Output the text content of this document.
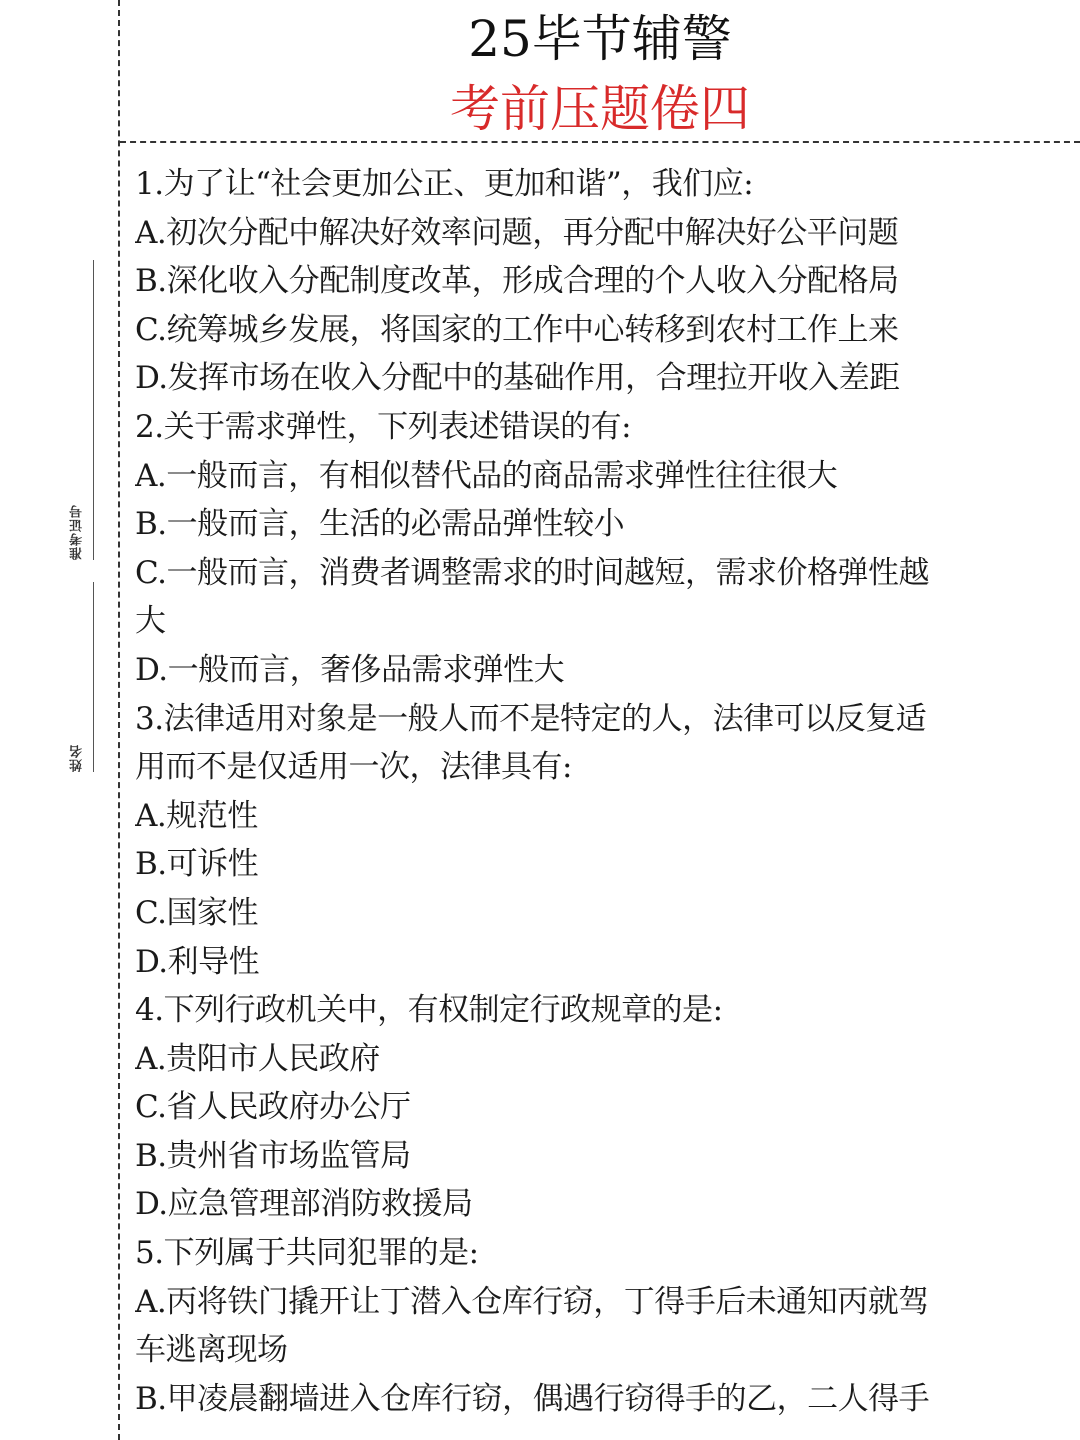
准考证号
姓名
25毕节辅警
考前压题倦四
1.为了让“社会更加公正、更加和谐”，我们应:
A.初次分配中解决好效率问题，再分配中解决好公平问题
B.深化收入分配制度改革，形成合理的个人收入分配格局
C.统筹城乡发展，将国家的工作中心转移到农村工作上来
D.发挥市场在收入分配中的基础作用，合理拉开收入差距
2.关于需求弹性，下列表述错误的有:
A.一般而言，有相似替代品的商品需求弹性往往很大
B.一般而言，生活的必需品弹性较小
C.一般而言，消费者调整需求的时间越短，需求价格弹性越
大
D.一般而言，奢侈品需求弹性大
3.法律适用对象是一般人而不是特定的人，法律可以反复适
用而不是仅适用一次，法律具有:
A.规范性
B.可诉性
C.国家性
D.利导性
4.下列行政机关中，有权制定行政规章的是:
A.贵阳市人民政府
C.省人民政府办公厅
B.贵州省市场监管局
D.应急管理部消防救援局
5.下列属于共同犯罪的是:
A.丙将铁门撬开让丁潜入仓库行窃，丁得手后未通知丙就驾
车逃离现场
B.甲凌晨翻墙进入仓库行窃，偶遇行窃得手的乙，二人得手
